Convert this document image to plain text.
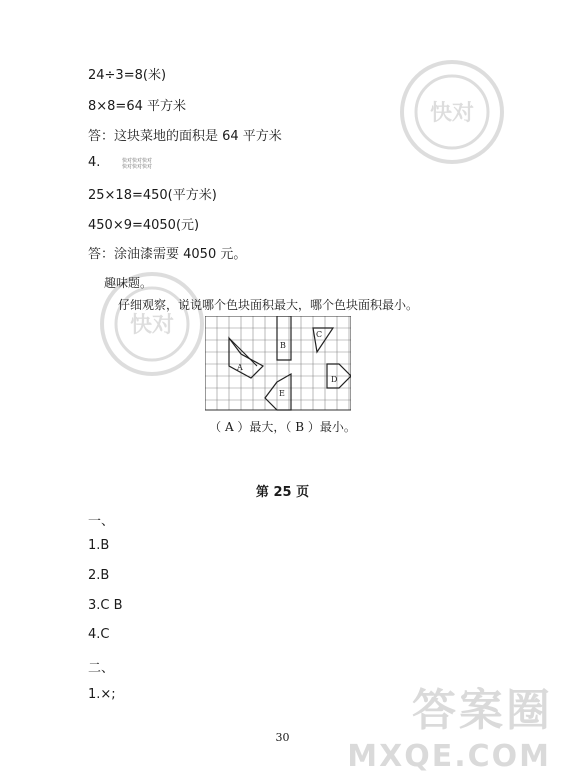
快对
快对
答案圈
MXQE.COM
24÷3=8(米)
8×8=64 平方米
答：这块菜地的面积是 64 平方米
4.	快对快对快对
快对快对快对
25×18=450(平方米)
450×9=4050(元)
答：涂油漆需要 4050 元。
趣味题。
仔细观察，说说哪个色块面积最大，哪个色块面积最小。
A
B
C
D
E
（ A ）最大，（ B ）最小。
第 25 页
一、
1.B
2.B
3.C B
4.C
二、
1.×;
30
